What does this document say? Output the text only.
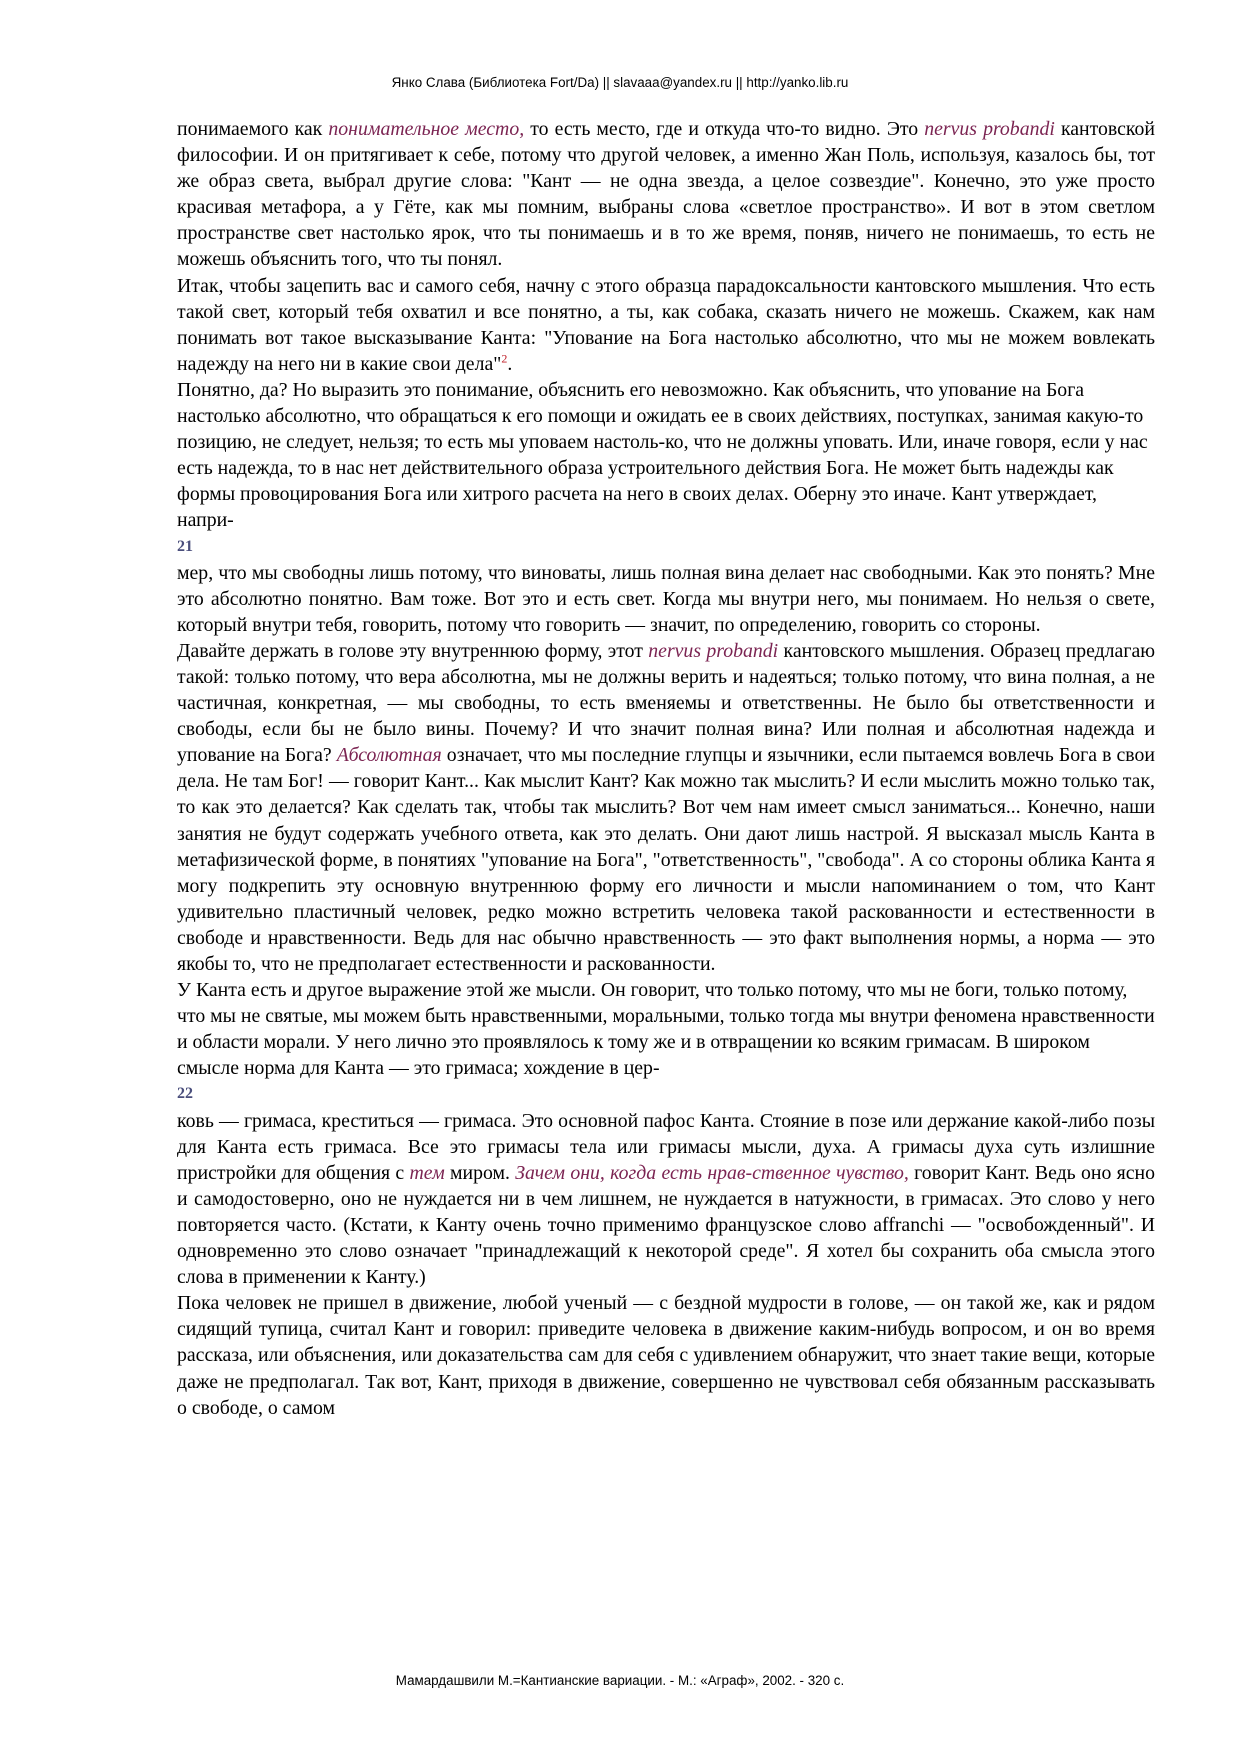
Янко Слава (Библиотека Fort/Da) || slavaaa@yandex.ru || http://yanko.lib.ru

понимаемого как понимательное место, то есть место, где и откуда что-то видно. Это nervus probandi кантовской философии. И он притягивает к себе, потому что другой человек, а именно Жан Поль, используя, казалось бы, тот же образ света, выбрал другие слова: "Кант — не одна звезда, а целое созвездие". Конечно, это уже просто красивая метафора, а у Гёте, как мы помним, выбраны слова «светлое пространство». И вот в этом светлом пространстве свет настолько ярок, что ты понимаешь и в то же время, поняв, ничего не понимаешь, то есть не можешь объяснить того, что ты понял.

Итак, чтобы зацепить вас и самого себя, начну с этого образца парадоксальности кантовского мышления. Что есть такой свет, который тебя охватил и все понятно, а ты, как собака, сказать ничего не можешь. Скажем, как нам понимать вот такое высказывание Канта: "Упование на Бога настолько абсолютно, что мы не можем вовлекать надежду на него ни в какие свои дела"$^2$.

Понятно, да? Но выразить это понимание, объяснить его невозможно. Как объяснить, что упование на Бога настолько абсолютно, что обращаться к его помощи и ожидать ее в своих действиях, поступках, занимая какую-то позицию, не следует, нельзя; то есть мы уповаем настоль-ко, что не должны уповать. Или, иначе говоря, если у нас есть надежда, то в нас нет действительного образа устроительного действия Бога. Не может быть надежды как формы провоцирования Бога или хитрого расчета на него в своих делах. Оберну это иначе. Кант утверждает, напри-

21

мер, что мы свободны лишь потому, что виноваты, лишь полная вина делает нас свободными. Как это понять? Мне это абсолютно понятно. Вам тоже. Вот это и есть свет. Когда мы внутри него, мы понимаем. Но нельзя о свете, который внутри тебя, говорить, потому что говорить — значит, по определению, говорить со стороны.

Давайте держать в голове эту внутреннюю форму, этот nervus probandi кантовского мышления. Образец предлагаю такой: только потому, что вера абсолютна, мы не должны верить и надеяться; только потому, что вина полная, а не частичная, конкретная, — мы свободны, то есть вменяемы и ответственны. Не было бы ответственности и свободы, если бы не было вины. Почему? И что значит полная вина? Или полная и абсолютная надежда и упование на Бога? Абсолютная означает, что мы последние глупцы и язычники, если пытаемся вовлечь Бога в свои дела. Не там Бог! — говорит Кант... Как мыслит Кант? Как можно так мыслить? И если мыслить можно только так, то как это делается? Как сделать так, чтобы так мыслить? Вот чем нам имеет смысл заниматься... Конечно, наши занятия не будут содержать учебного ответа, как это делать. Они дают лишь настрой. Я высказал мысль Канта в метафизической форме, в понятиях "упование на Бога", "ответственность", "свобода". А со стороны облика Канта я могу подкрепить эту основную внутреннюю форму его личности и мысли напоминанием о том, что Кант удивительно пластичный человек, редко можно встретить человека такой раскованности и естественности в свободе и нравственности. Ведь для нас обычно нравственность — это факт выполнения нормы, а норма — это якобы то, что не предполагает естественности и раскованности.

У Канта есть и другое выражение этой же мысли. Он говорит, что только потому, что мы не боги, только потому, что мы не святые, мы можем быть нравственными, моральными, только тогда мы внутри феномена нравственности и области морали. У него лично это проявлялось к тому же и в отвращении ко всяким гримасам. В широком смысле норма для Канта — это гримаса; хождение в цер-

22

ковь — гримаса, креститься — гримаса. Это основной пафос Канта. Стояние в позе или держание какой-либо позы для Канта есть гримаса. Все это гримасы тела или гримасы мысли, духа. А гримасы духа суть излишние пристройки для общения с тем миром. Зачем они, когда есть нрав-ственное чувство, говорит Кант. Ведь оно ясно и самодостоверно, оно не нуждается ни в чем лишнем, не нуждается в натужности, в гримасах. Это слово у него повторяется часто. (Кстати, к Канту очень точно применимо французское слово affranchi — "освобожденный". И одновременно это слово означает "принадлежащий к некоторой среде". Я хотел бы сохранить оба смысла этого слова в применении к Канту.)

Пока человек не пришел в движение, любой ученый — с бездной мудрости в голове, — он такой же, как и рядом сидящий тупица, считал Кант и говорил: приведите человека в движение каким-нибудь вопросом, и он во время рассказа, или объяснения, или доказательства сам для себя с удивлением обнаружит, что знает такие вещи, которые даже не предполагал. Так вот, Кант, приходя в движение, совершенно не чувствовал себя обязанным рассказывать о свободе, о самом

Мамардашвили М.=Кантианские вариации. - М.: «Аграф», 2002. - 320 с.
